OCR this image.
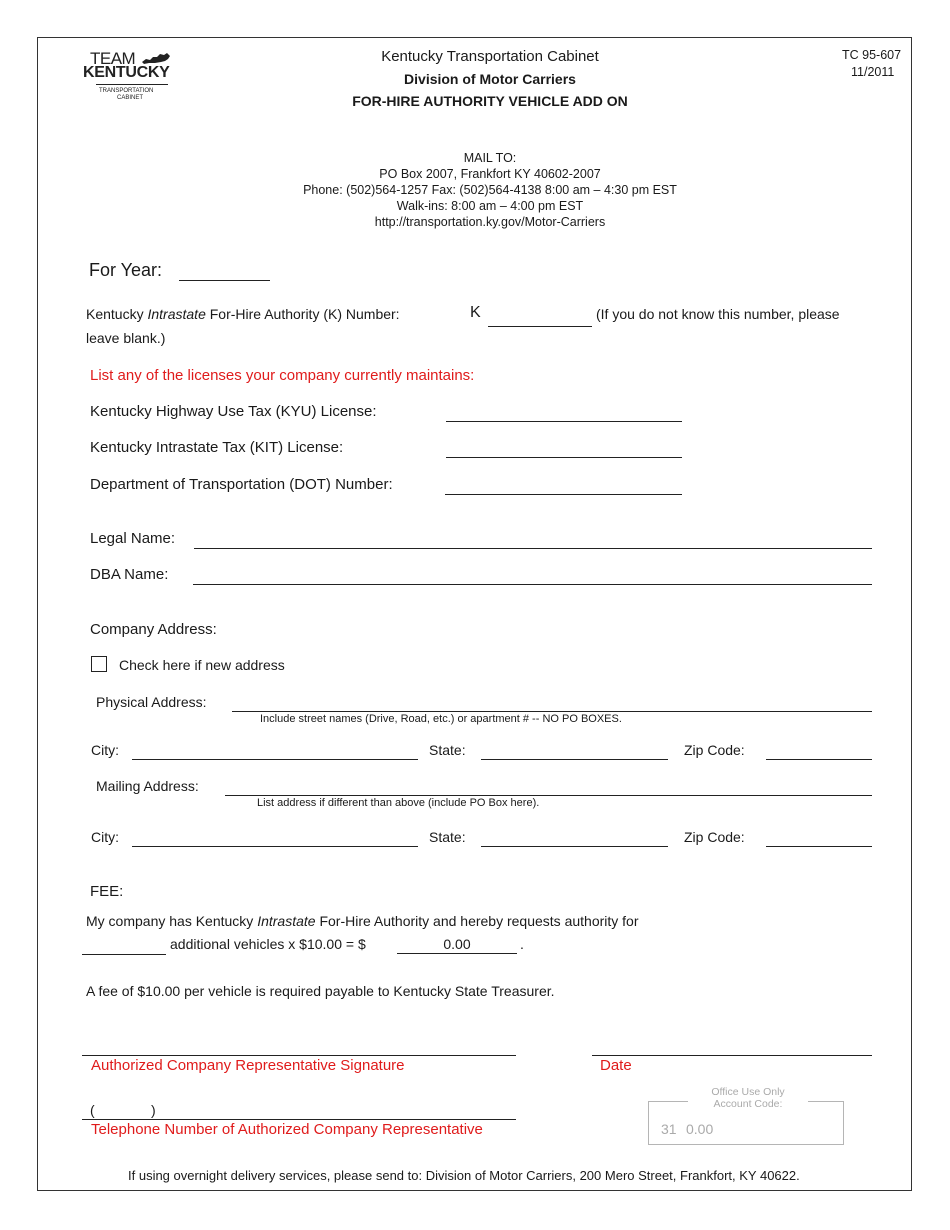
TEAM
KENTUCKY
TRANSPORTATION
CABINET
Kentucky Transportation Cabinet
Division of Motor Carriers
FOR-HIRE AUTHORITY VEHICLE ADD ON
TC 95-607
11/2011
MAIL TO:
PO Box 2007, Frankfort KY 40602-2007
Phone: (502)564-1257 Fax: (502)564-4138 8:00 am – 4:30 pm EST
Walk-ins: 8:00 am – 4:00 pm EST
http://transportation.ky.gov/Motor-Carriers
For Year:
Kentucky Intrastate For-Hire Authority (K) Number:	K	(If you do not know this number, please
leave blank.)
List any of the licenses your company currently maintains:
Kentucky Highway Use Tax (KYU) License:
Kentucky Intrastate Tax (KIT) License:
Department of Transportation (DOT) Number:
Legal Name:
DBA Name:
Company Address:
Check here if new address
Physical Address:
Include street names (Drive, Road, etc.) or apartment # -- NO PO BOXES.
City:	State:	Zip Code:
Mailing Address:
List address if different than above (include PO Box here).
City:	State:	Zip Code:
FEE:
My company has Kentucky Intrastate For-Hire Authority and hereby requests authority for
additional vehicles x $10.00 = $	0.00	.
A fee of $10.00 per vehicle is required payable to Kentucky State Treasurer.
Authorized Company Representative Signature	Date
(	)
Telephone Number of Authorized Company Representative
Office Use Only
Account Code:
31 0.00
If using overnight delivery services, please send to: Division of Motor Carriers, 200 Mero Street, Frankfort, KY 40622.
